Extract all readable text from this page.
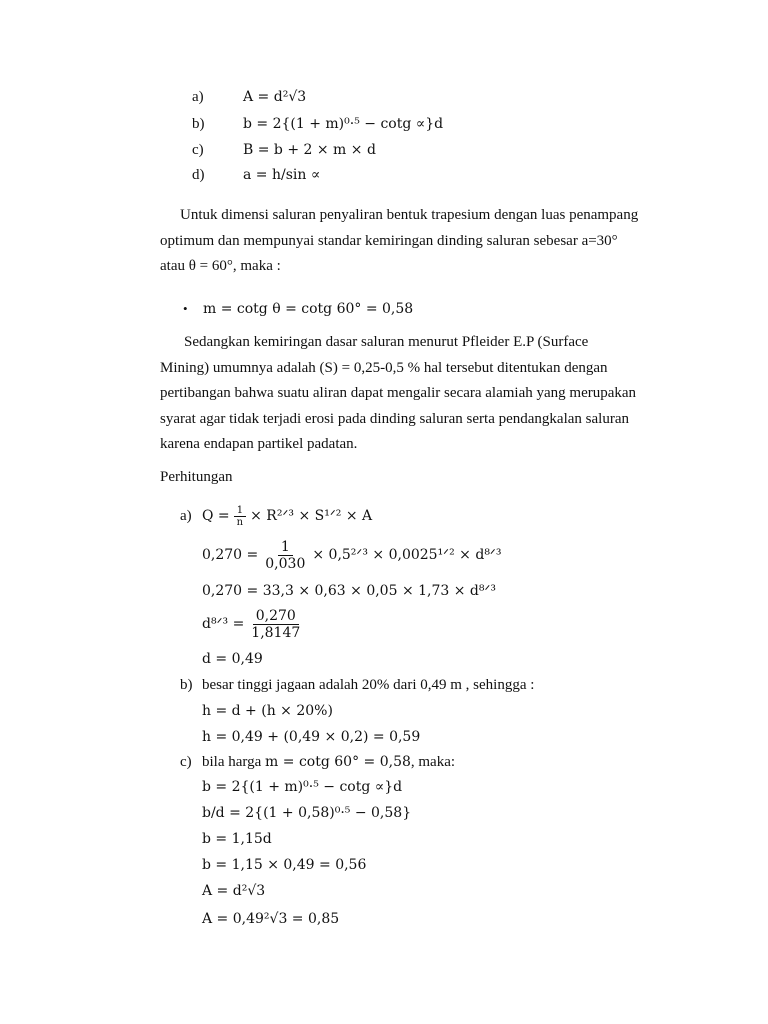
a)	A = d²√3
b)	b = 2{(1 + m)⁰·⁵ − cotg ∝}d
c)	B = b + 2 × m × d
d)	a = h/sin ∝
Untuk dimensi saluran penyaliran bentuk trapesium dengan luas penampang optimum dan mempunyai standar kemiringan dinding saluran sebesar a=30° atau θ = 60°, maka :
• m = cotg θ = cotg 60° = 0,58
Sedangkan kemiringan dasar saluran menurut Pfleider E.P (Surface Mining) umumnya adalah (S) = 0,25-0,5 % hal tersebut ditentukan dengan pertibangan bahwa suatu aliran dapat mengalir secara alamiah yang merupakan syarat agar tidak terjadi erosi pada dinding saluran serta pendangkalan saluran karena endapan partikel padatan.
Perhitungan
a) $Q = \frac{1}{n}$ × R²ᐟ³ × S¹ᐟ² × A
$0,270 = \frac{1}{0,030}$ × 0,5²ᐟ³ × 0,0025¹ᐟ² × d⁸ᐟ³
0,270 = 33,3 × 0,63 × 0,05 × 1,73 × d⁸ᐟ³
d⁸ᐟ³ = $\frac{0,270}{1,8147}$
d = 0,49
b) besar tinggi jagaan adalah 20% dari 0,49 m , sehingga :
h = d + (h × 20%)
h = 0,49 + (0,49 × 0,2) = 0,59
c) bila harga m = cotg 60° = 0,58, maka:
b = 2{(1 + m)⁰·⁵ − cotg ∝}d
b/d = 2{(1 + 0,58)⁰·⁵ − 0,58}
b = 1,15d
b = 1,15 × 0,49 = 0,56
A = d²√3
A = 0,49²√3 = 0,85
